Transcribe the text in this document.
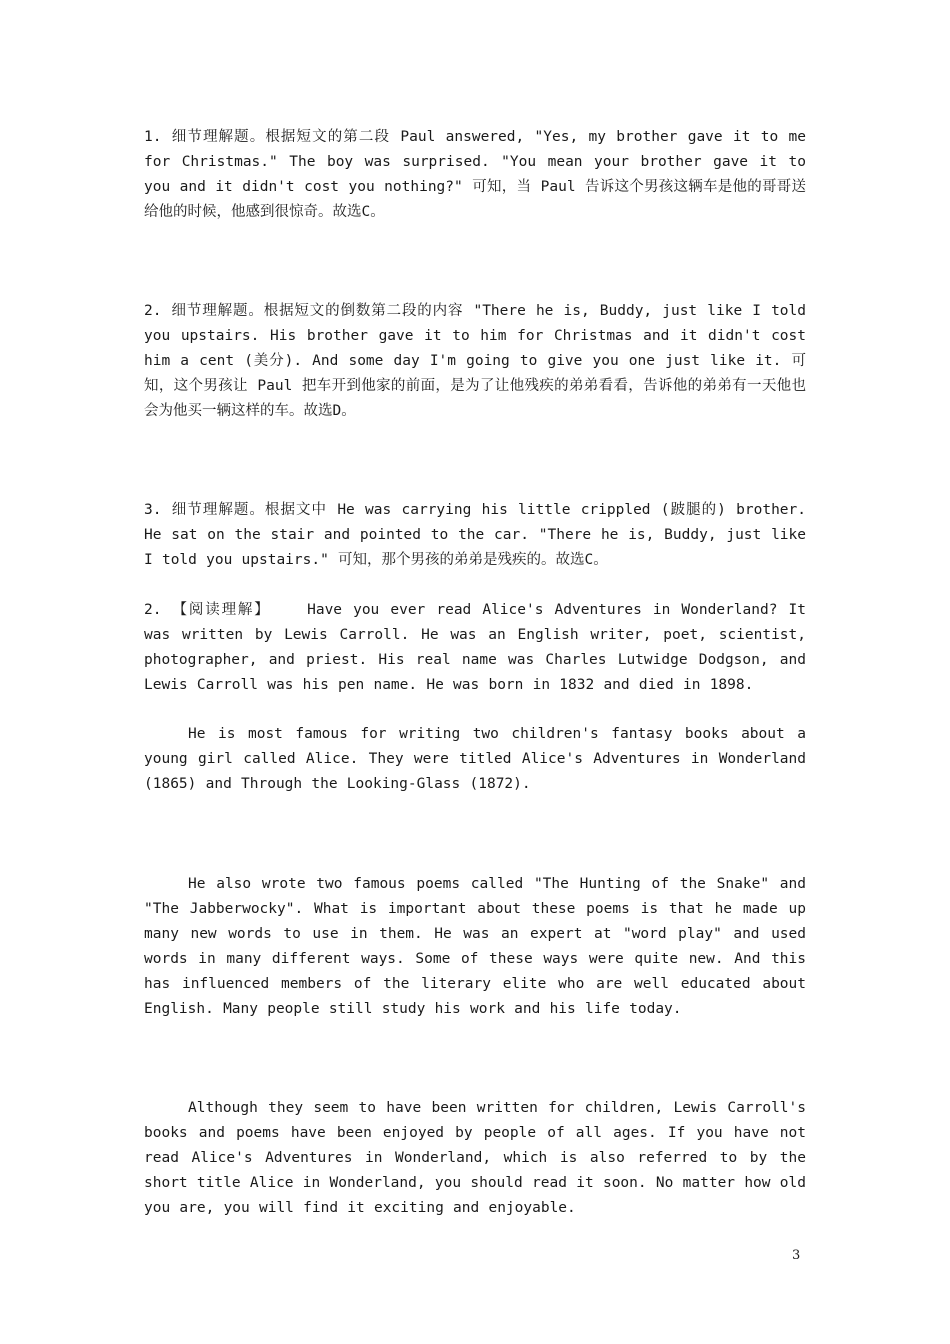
1. 细节理解题。根据短文的第二段 Paul answered, "Yes, my brother gave it to me for Christmas." The boy was surprised. "You mean your brother gave it to you and it didn't cost you nothing?" 可知，当 Paul 告诉这个男孩这辆车是他的哥哥送给他的时候，他感到很惊奇。故选C。

2. 细节理解题。根据短文的倒数第二段的内容 "There he is, Buddy, just like I told you upstairs. His brother gave it to him for Christmas and it didn't cost him a cent (美分). And some day I'm going to give you one just like it. 可知，这个男孩让 Paul 把车开到他家的前面，是为了让他残疾的弟弟看看，告诉他的弟弟有一天他也会为他买一辆这样的车。故选D。

3. 细节理解题。根据文中 He was carrying his little crippled (跛腿的) brother. He sat on the stair and pointed to the car. "There he is, Buddy, just like I told you upstairs." 可知，那个男孩的弟弟是残疾的。故选C。

2. 【阅读理解】　　 Have you ever read Alice's Adventures in Wonderland? It was written by Lewis Carroll. He was an English writer, poet, scientist, photographer, and priest. His real name was Charles Lutwidge Dodgson, and Lewis Carroll was his pen name. He was born in 1832 and died in 1898.

He is most famous for writing two children's fantasy books about a young girl called Alice. They were titled Alice's Adventures in Wonderland (1865) and Through the Looking-Glass (1872).

He also wrote two famous poems called "The Hunting of the Snake" and "The Jabberwocky". What is important about these poems is that he made up many new words to use in them. He was an expert at "word play" and used words in many different ways. Some of these ways were quite new. And this has influenced members of the literary elite who are well educated about English. Many people still study his work and his life today.

Although they seem to have been written for children, Lewis Carroll's books and poems have been enjoyed by people of all ages. If you have not read Alice's Adventures in Wonderland, which is also referred to by the short title Alice in Wonderland, you should read it soon. No matter how old you are, you will find it exciting and enjoyable.

3
